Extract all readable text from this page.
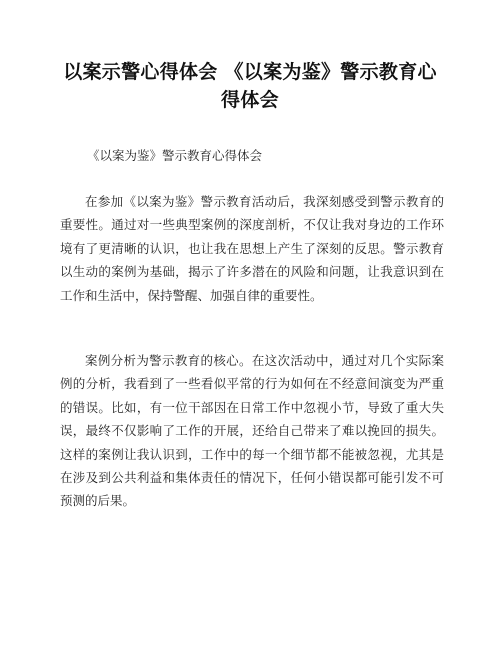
以案示警心得体会 《以案为鉴》警示教育心得体会

《以案为鉴》警示教育心得体会

在参加《以案为鉴》警示教育活动后，我深刻感受到警示教育的重要性。通过对一些典型案例的深度剖析，不仅让我对身边的工作环境有了更清晰的认识，也让我在思想上产生了深刻的反思。警示教育以生动的案例为基础，揭示了许多潜在的风险和问题，让我意识到在工作和生活中，保持警醒、加强自律的重要性。

案例分析为警示教育的核心。在这次活动中，通过对几个实际案例的分析，我看到了一些看似平常的行为如何在不经意间演变为严重的错误。比如，有一位干部因在日常工作中忽视小节，导致了重大失误，最终不仅影响了工作的开展，还给自己带来了难以挽回的损失。这样的案例让我认识到，工作中的每一个细节都不能被忽视，尤其是在涉及到公共利益和集体责任的情况下，任何小错误都可能引发不可预测的后果。
